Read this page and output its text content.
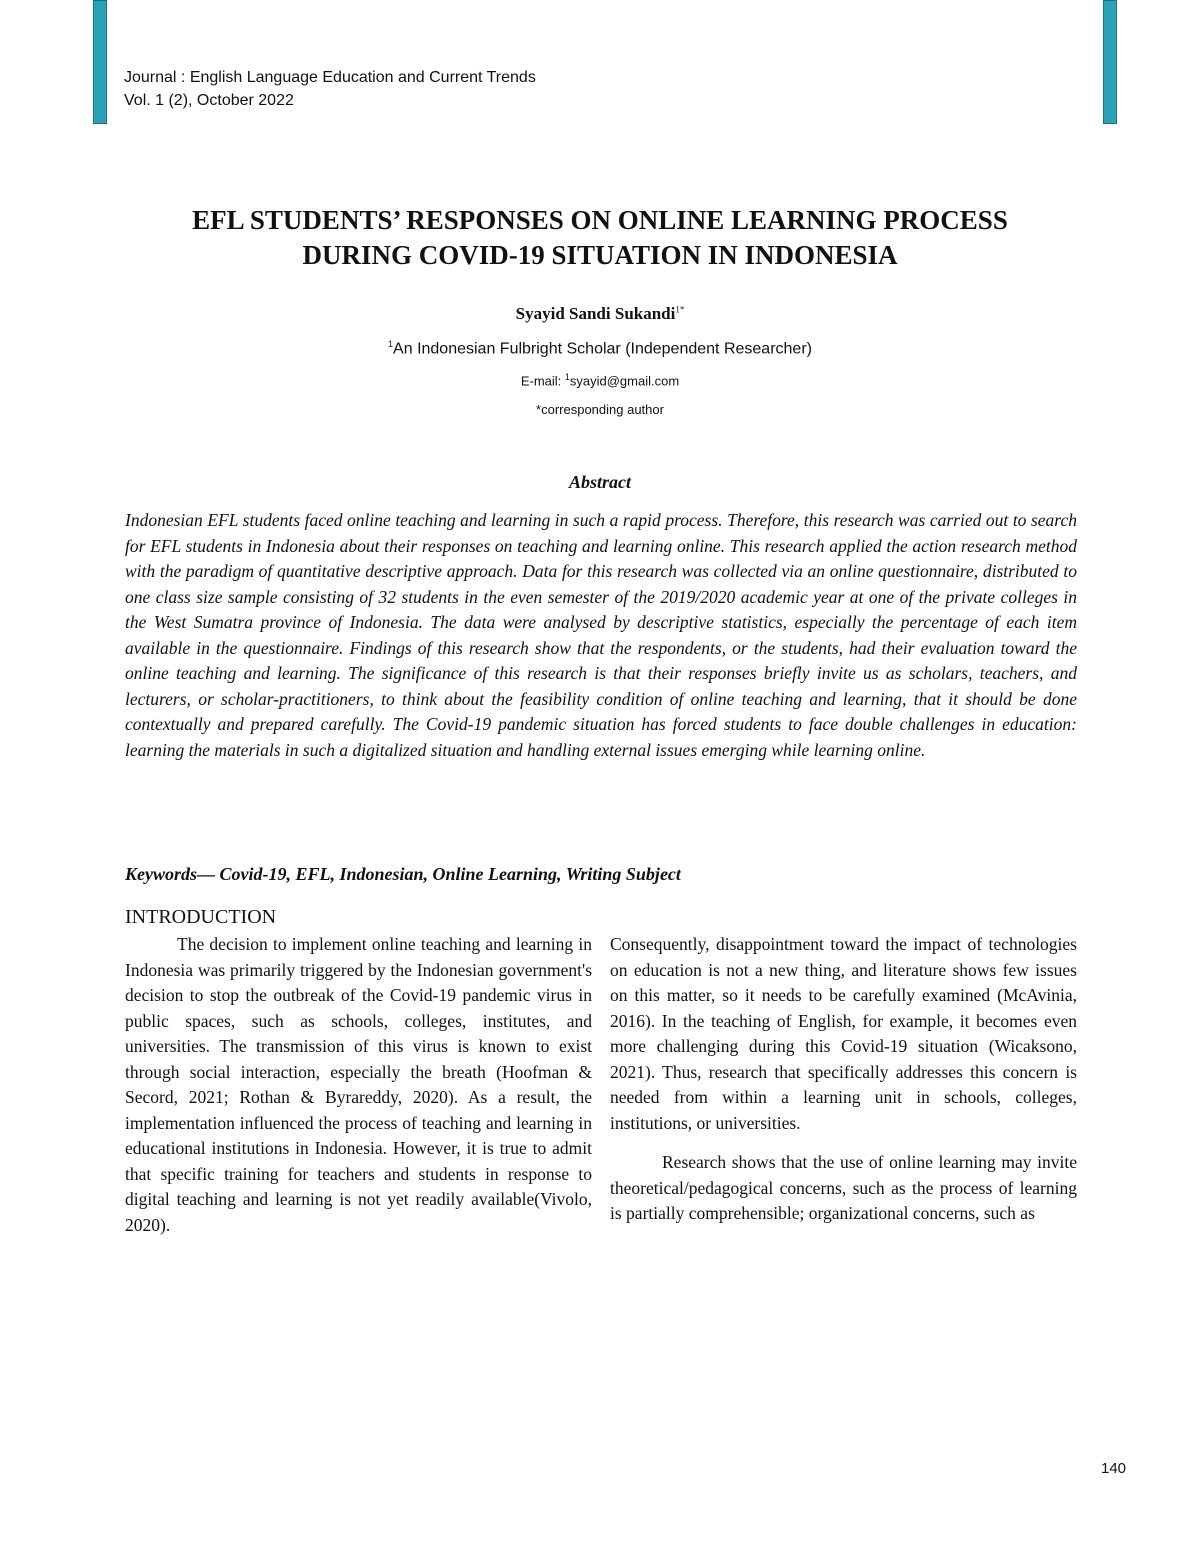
Journal : English Language Education and Current Trends
Vol. 1 (2), October 2022
EFL STUDENTS’ RESPONSES ON ONLINE LEARNING PROCESS
DURING COVID-19 SITUATION IN INDONESIA
Syayid Sandi Sukandi$^{1*}$
$^1$An Indonesian Fulbright Scholar (Independent Researcher)
E-mail: $^1$syayid@gmail.com
*corresponding author
Abstract

Indonesian EFL students faced online teaching and learning in such a rapid process. Therefore, this research was carried out to search for EFL students in Indonesia about their responses on teaching and learning online. This research applied the action research method with the paradigm of quantitative descriptive approach. Data for this research was collected via an online questionnaire, distributed to one class size sample consisting of 32 students in the even semester of the 2019/2020 academic year at one of the private colleges in the West Sumatra province of Indonesia. The data were analysed by descriptive statistics, especially the percentage of each item available in the questionnaire. Findings of this research show that the respondents, or the students, had their evaluation toward the online teaching and learning. The significance of this research is that their responses briefly invite us as scholars, teachers, and lecturers, or scholar-practitioners, to think about the feasibility condition of online teaching and learning, that it should be done contextually and prepared carefully. The Covid-19 pandemic situation has forced students to face double challenges in education: learning the materials in such a digitalized situation and handling external issues emerging while learning online.

Keywords— Covid-19, EFL, Indonesian, Online Learning, Writing Subject
INTRODUCTION

The decision to implement online teaching and learning in Indonesia was primarily triggered by the Indonesian government's decision to stop the outbreak of the Covid-19 pandemic virus in public spaces, such as schools, colleges, institutes, and universities. The transmission of this virus is known to exist through social interaction, especially the breath (Hoofman & Secord, 2021; Rothan & Byrareddy, 2020). As a result, the implementation influenced the process of teaching and learning in educational institutions in Indonesia. However, it is true to admit that specific training for teachers and students in response to digital teaching and learning is not yet readily available(Vivolo, 2020).

Consequently, disappointment toward the impact of technologies on education is not a new thing, and literature shows few issues on this matter, so it needs to be carefully examined (McAvinia, 2016). In the teaching of English, for example, it becomes even more challenging during this Covid-19 situation (Wicaksono, 2021). Thus, research that specifically addresses this concern is needed from within a learning unit in schools, colleges, institutions, or universities.

Research shows that the use of online learning may invite theoretical/pedagogical concerns, such as the process of learning is partially comprehensible; organizational concerns, such as

140
